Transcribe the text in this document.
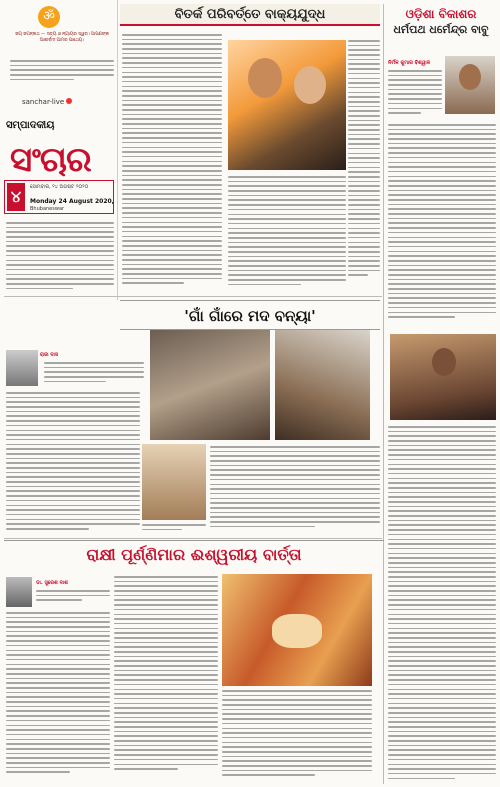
ॐ
ଜୟ ଜଗନ୍ନାଥ — ସତ୍ୟ ଓ ନ୍ୟାୟର ସ୍ୱର। ଆପଣଙ୍କ ଆଶୀର୍ବାଦ ଆମର ପାଥେୟ।
sanchar-live
ସମ୍ପାଦକୀୟ
ସଂଚାର
୪	ସୋମବାର, ୨୪ ଅଗଷ୍ଟ ୨୦୨୦
Monday 24 August 2020,
Bhubaneswar
ବିତର୍କ ପରିବର୍ତ୍ତେ ବାକ୍ୟଯୁଦ୍ଧ	ଓଡ଼ିଶା ବିକାଶର
ଧର୍ମପଥ ଧର୍ମେନ୍ଦ୍ର ବାବୁ
ନିର୍ମଳ କୁମାର ବିଶ୍ୱାଳ
'ଗାଁ ଗାଁରେ ମଦ ବନ୍ୟା'
ରାଜା ଦାସ
ରାକ୍ଷୀ ପୂର୍ଣ୍ଣିମାର ଈଶ୍ୱରୀୟ ବାର୍ତ୍ତା
ଡା. ସୁରେଶ ଦାଶ
